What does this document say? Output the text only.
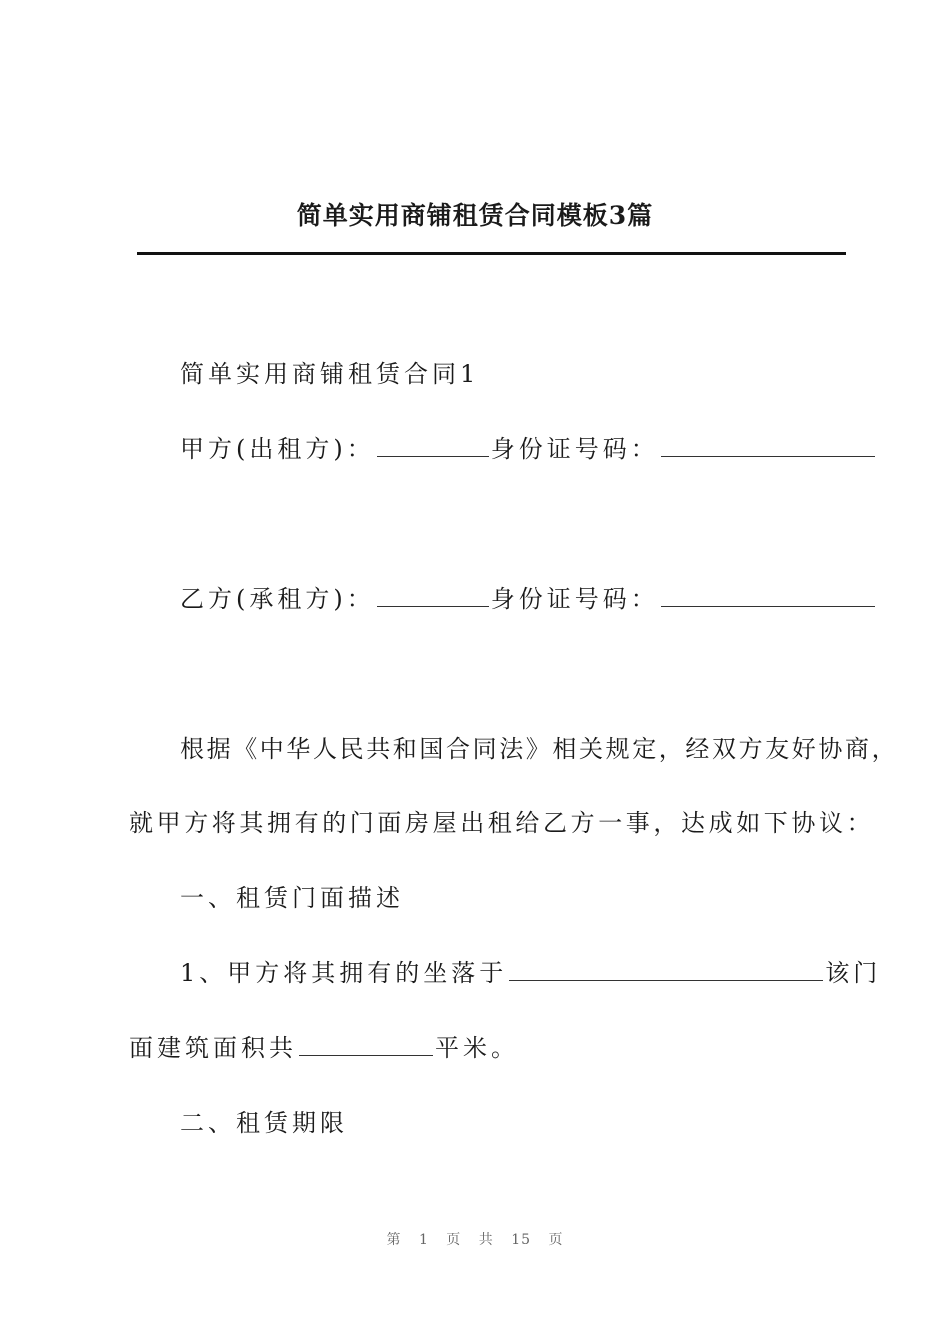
简单实用商铺租赁合同模板3篇
简单实用商铺租赁合同1
甲方(出租方)：	身份证号码：
乙方(承租方)：	身份证号码：
根据《中华人民共和国合同法》相关规定，经双方友好协商，
就甲方将其拥有的门面房屋出租给乙方一事，达成如下协议：
一、租赁门面描述
1、甲方将其拥有的坐落于	该门
面建筑面积共	平米。
二、租赁期限
第 1 页 共 15 页
